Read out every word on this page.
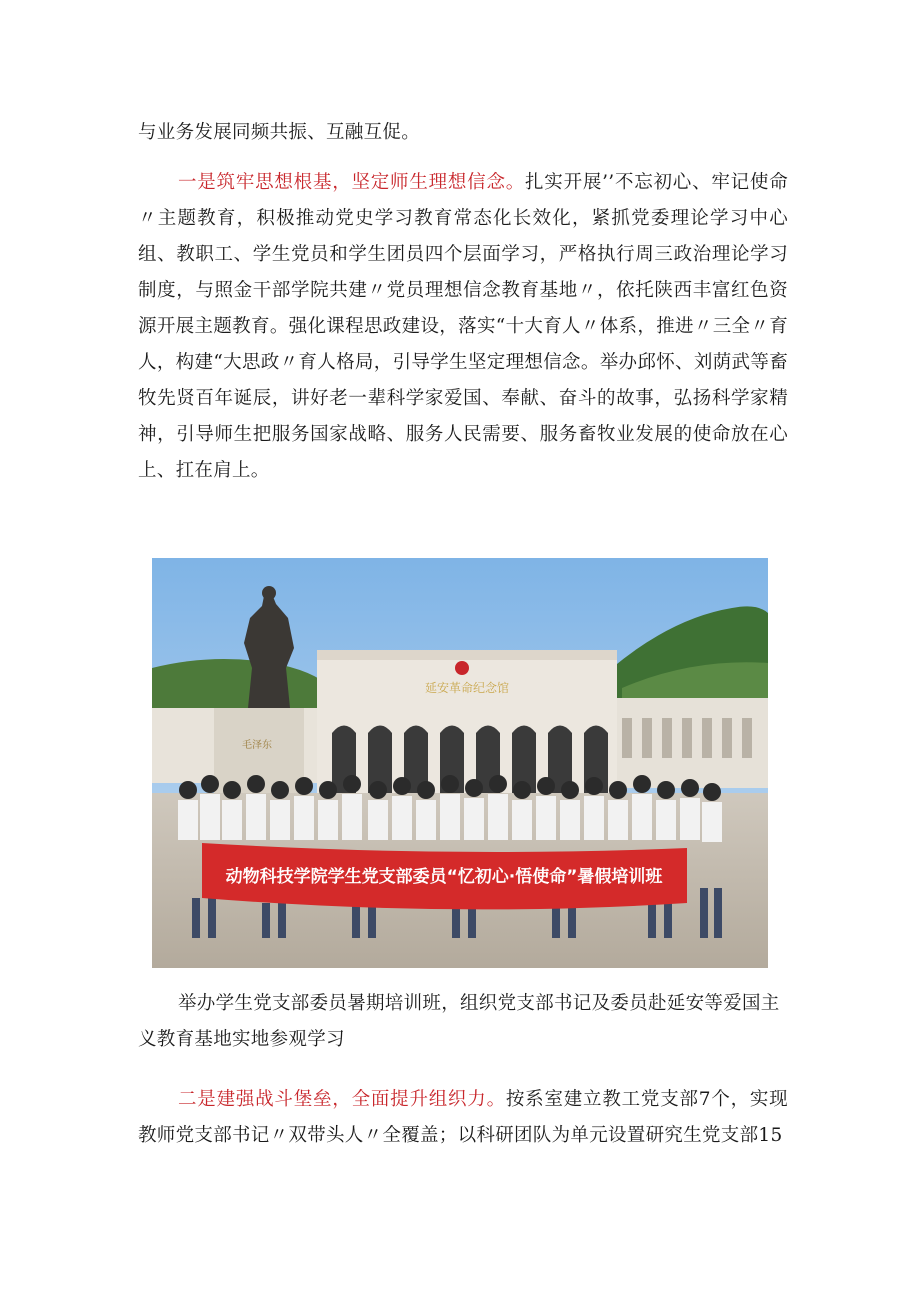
与业务发展同频共振、互融互促。

一是筑牢思想根基，坚定师生理想信念。扎实开展’’不忘初心、牢记使命〃主题教育，积极推动党史学习教育常态化长效化，紧抓党委理论学习中心组、教职工、学生党员和学生团员四个层面学习，严格执行周三政治理论学习制度，与照金干部学院共建〃党员理想信念教育基地〃，依托陕西丰富红色资源开展主题教育。强化课程思政建设，落实“十大育人〃体系，推进〃三全〃育人，构建“大思政〃育人格局，引导学生坚定理想信念。举办邱怀、刘荫武等畜牧先贤百年诞辰，讲好老一辈科学家爱国、奉献、奋斗的故事，弘扬科学家精神，引导师生把服务国家战略、服务人民需要、服务畜牧业发展的使命放在心上、扛在肩上。

延安革命纪念馆
毛泽东
动物科技学院学生党支部委员“忆初心·悟使命”暑假培训班

举办学生党支部委员暑期培训班，组织党支部书记及委员赴延安等爱国主义教育基地实地参观学习

二是建强战斗堡垒，全面提升组织力。按系室建立教工党支部7个，实现教师党支部书记〃双带头人〃全覆盖；以科研团队为单元设置研究生党支部15
